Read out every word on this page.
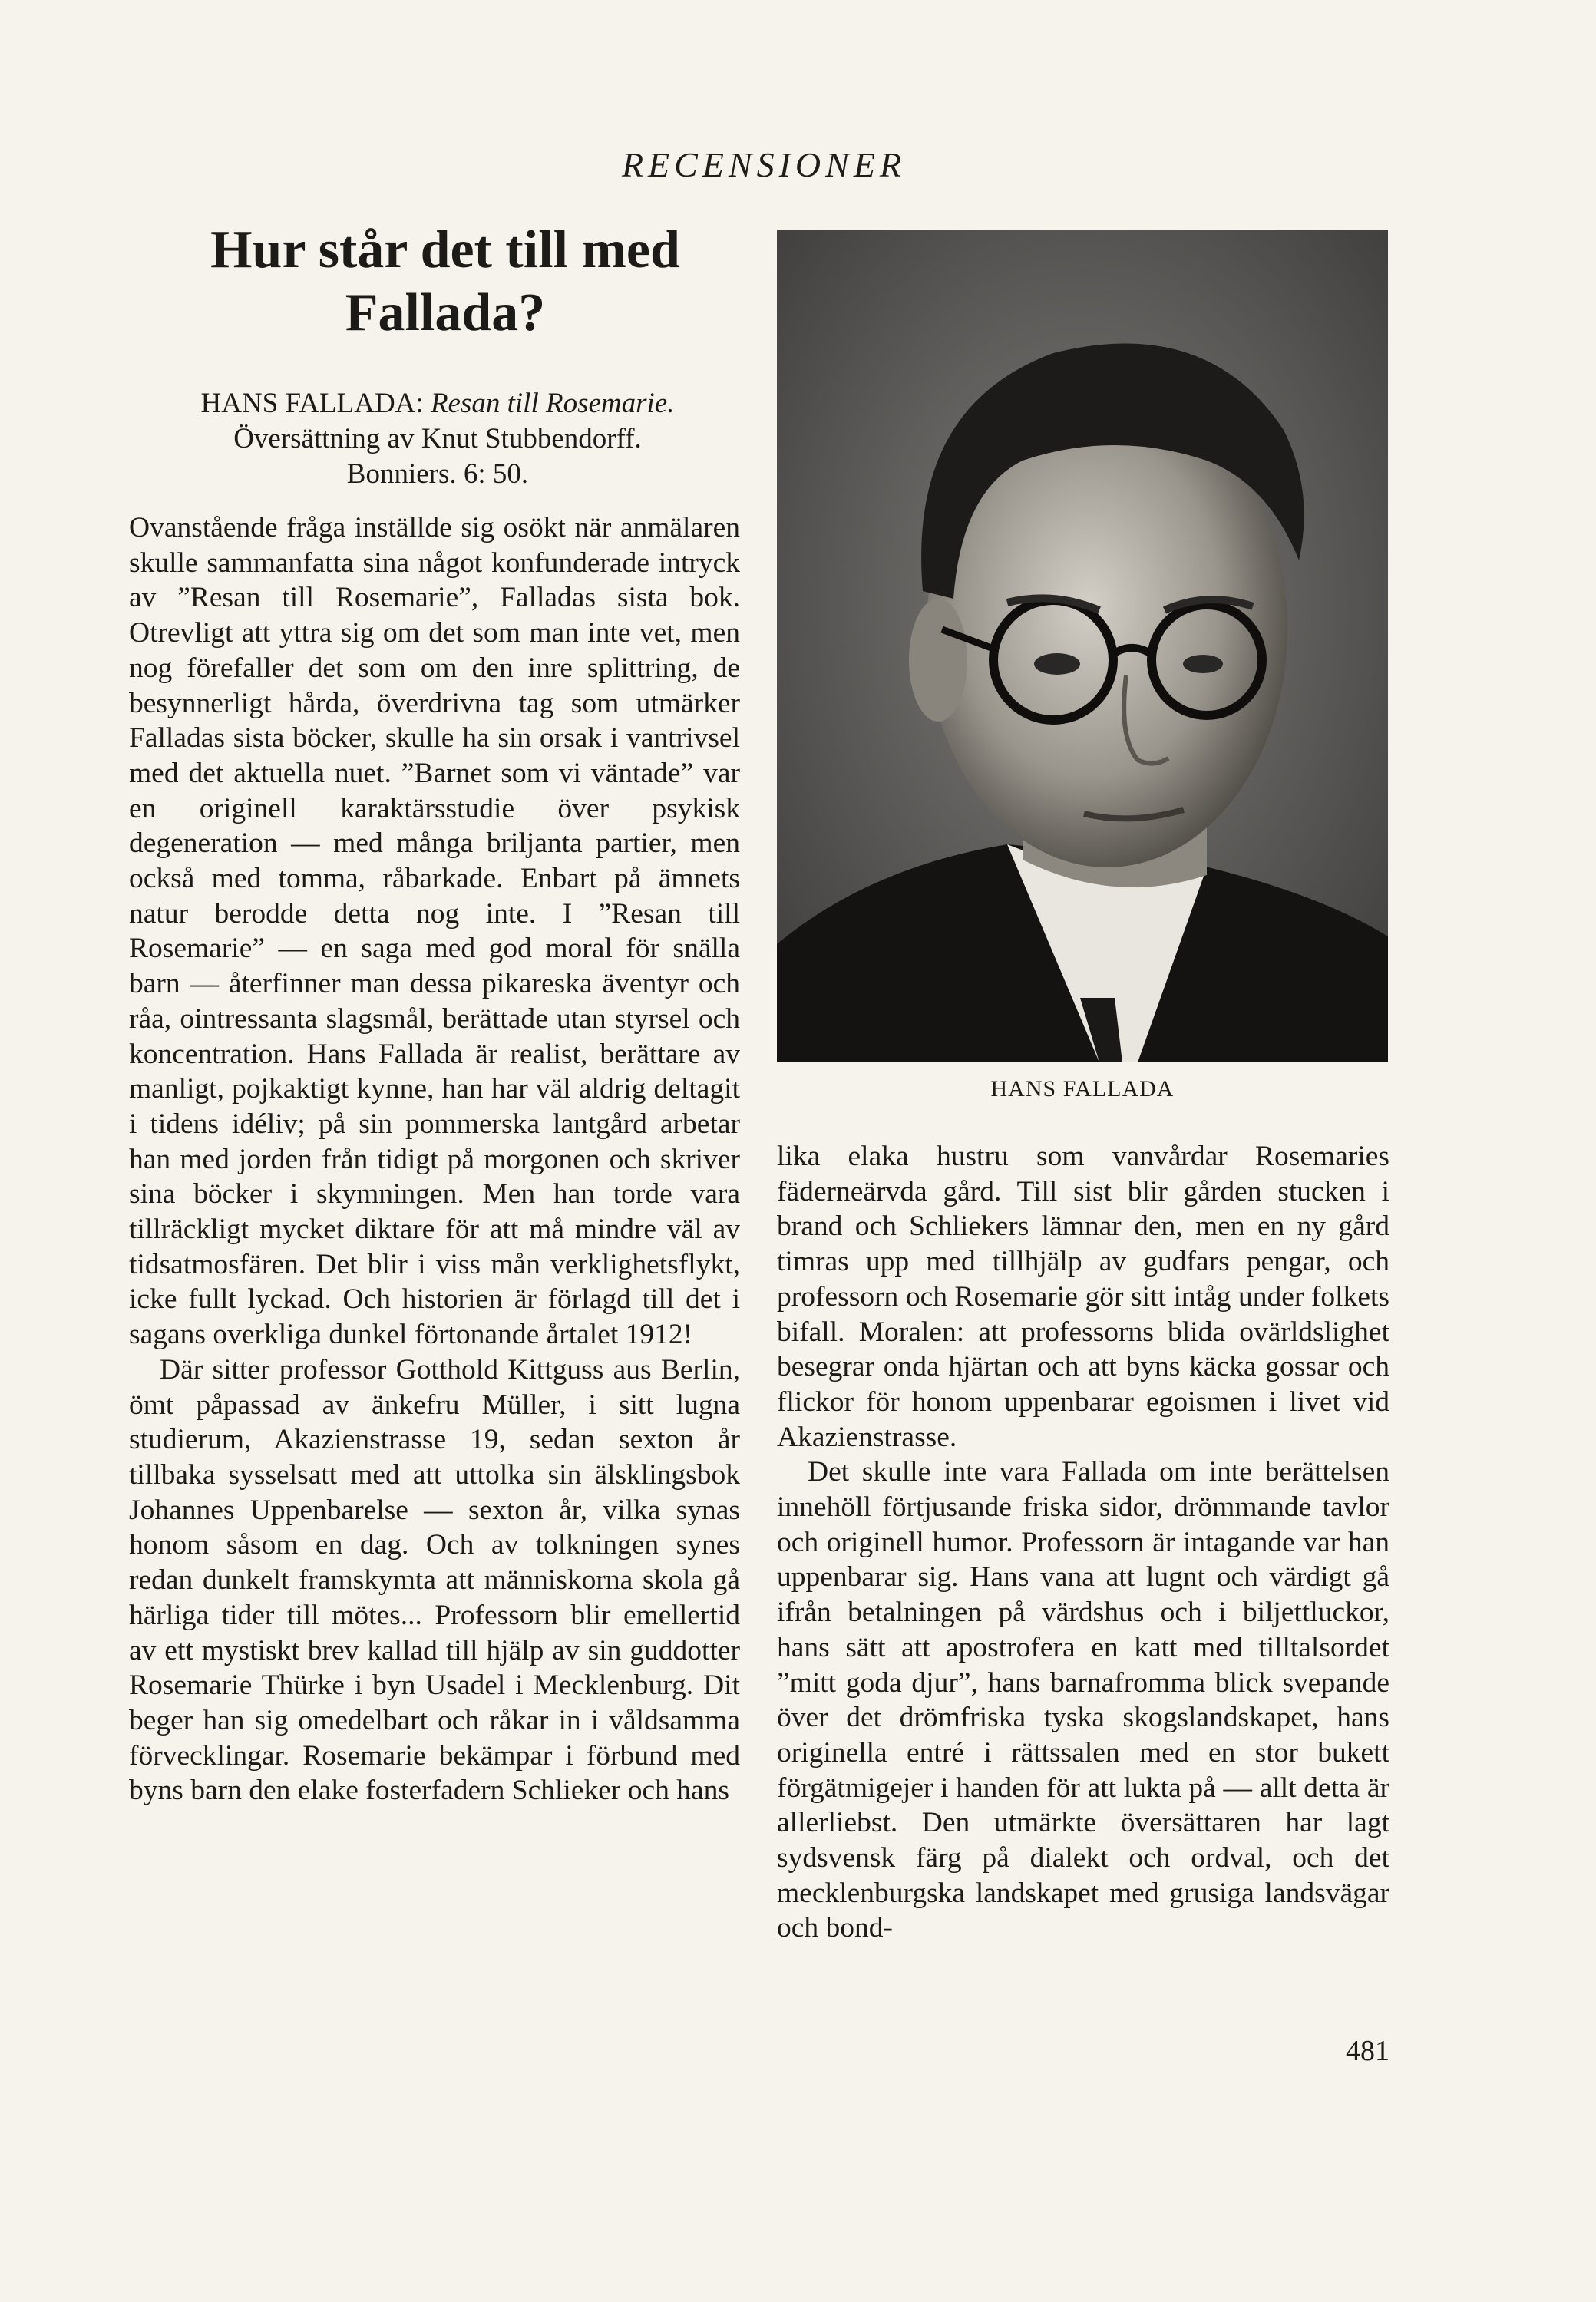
RECENSIONER
Hur står det till med Fallada?
HANS FALLADA: Resan till Rosemarie.
Översättning av Knut Stubbendorff.
Bonniers. 6: 50.

Ovanstående fråga inställde sig osökt när anmälaren skulle sammanfatta sina något konfunderade intryck av ”Resan till Rosemarie”, Falladas sista bok. Otrevligt att yttra sig om det som man inte vet, men nog förefaller det som om den inre splittring, de besynnerligt hårda, överdrivna tag som utmärker Falladas sista böcker, skulle ha sin orsak i vantrivsel med det aktuella nuet. ”Barnet som vi väntade” var en originell karaktärsstudie över psykisk degeneration — med många briljanta partier, men också med tomma, råbarkade. Enbart på ämnets natur berodde detta nog inte. I ”Resan till Rosemarie” — en saga med god moral för snälla barn — återfinner man dessa pikareska äventyr och råa, ointressanta slagsmål, berättade utan styrsel och koncentration. Hans Fallada är realist, berättare av manligt, pojkaktigt kynne, han har väl aldrig deltagit i tidens idéliv; på sin pommerska lantgård arbetar han med jorden från tidigt på morgonen och skriver sina böcker i skymningen. Men han torde vara tillräckligt mycket diktare för att må mindre väl av tidsatmosfären. Det blir i viss mån verklighetsflykt, icke fullt lyckad. Och historien är förlagd till det i sagans overkliga dunkel förtonande årtalet 1912!

Där sitter professor Gotthold Kittguss aus Berlin, ömt påpassad av änkefru Müller, i sitt lugna studierum, Akazienstrasse 19, sedan sexton år tillbaka sysselsatt med att uttolka sin älsklingsbok Johannes Uppenbarelse — sexton år, vilka synas honom såsom en dag. Och av tolkningen synes redan dunkelt framskymta att människorna skola gå härliga tider till mötes... Professorn blir emellertid av ett mystiskt brev kallad till hjälp av sin guddotter Rosemarie Thürke i byn Usadel i Mecklenburg. Dit beger han sig omedelbart och råkar in i våldsamma förvecklingar. Rosemarie bekämpar i förbund med byns barn den elake fosterfadern Schlieker och hans

HANS FALLADA

lika elaka hustru som vanvårdar Rosemaries fäderneärvda gård. Till sist blir gården stucken i brand och Schliekers lämnar den, men en ny gård timras upp med tillhjälp av gudfars pengar, och professorn och Rosemarie gör sitt intåg under folkets bifall. Moralen: att professorns blida ovärldslighet besegrar onda hjärtan och att byns käcka gossar och flickor för honom uppenbarar egoismen i livet vid Akazienstrasse.

Det skulle inte vara Fallada om inte berättelsen innehöll förtjusande friska sidor, drömmande tavlor och originell humor. Professorn är intagande var han uppenbarar sig. Hans vana att lugnt och värdigt gå ifrån betalningen på värdshus och i biljettluckor, hans sätt att apostrofera en katt med tilltalsordet ”mitt goda djur”, hans barnafromma blick svepande över det drömfriska tyska skogslandskapet, hans originella entré i rättssalen med en stor bukett förgätmigejer i handen för att lukta på — allt detta är allerliebst. Den utmärkte översättaren har lagt sydsvensk färg på dialekt och ordval, och det mecklenburgska landskapet med grusiga landsvägar och bond-

481
